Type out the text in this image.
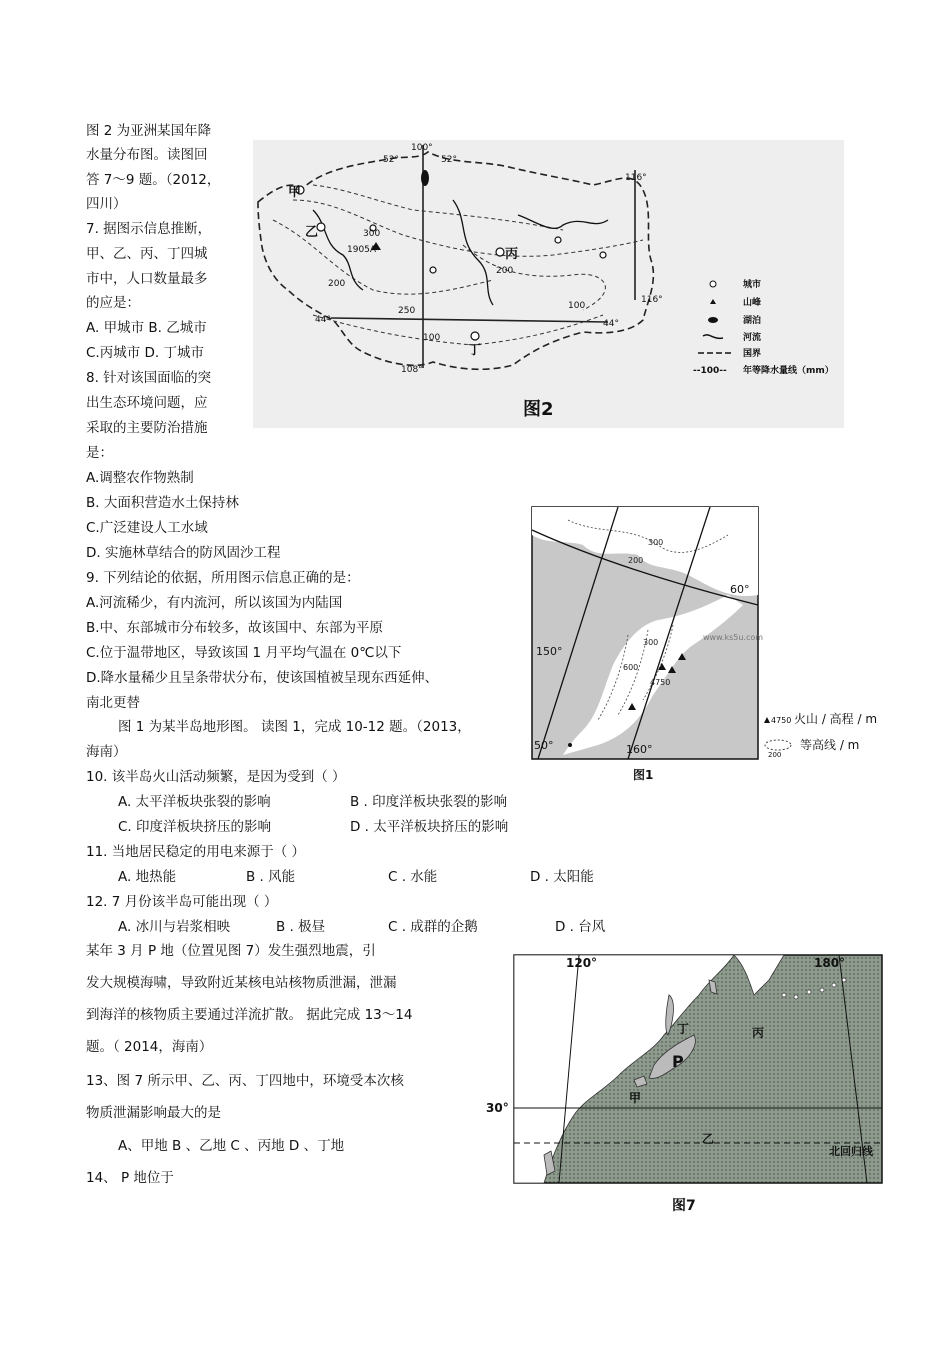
图 2 为亚洲某国年降
水量分布图。读图回
答 7～9 题。（2012，
四川）
7. 据图示信息推断，
甲、乙、丙、丁四城
市中，人口数量最多
的应是：
A. 甲城市 B. 乙城市
C.丙城市 D. 丁城市
8. 针对该国面临的突
出生态环境问题，应
采取的主要防治措施
是：
A.调整农作物熟制
B. 大面积营造水土保持林
C.广泛建设人工水域
D. 实施林草结合的防风固沙工程
9. 下列结论的依据，所用图示信息正确的是：
A.河流稀少，有内流河，所以该国为内陆国
B.中、东部城市分布较多，故该国中、东部为平原
C.位于温带地区，导致该国 1 月平均气温在 0℃以下
D.降水量稀少且呈条带状分布，使该国植被呈现东西延伸、
南北更替
100°
52°	52°
116°
116°
44°	44°
108°
300
200
100
200
250	100
1905A
甲
乙
丙
丁
城市
山峰
湖泊
河流
国界
--100-- 年等降水量线（mm）
图2
150°
60°
160°
50°
300
200
600
300
4750
www.ks5u.com
4750 火山 / 高程 / m
200
等高线 / m
图1
图 1 为某半岛地形图。 读图 1，完成 10-12 题。（2013，
海南）
10. 该半岛火山活动频繁，是因为受到（ ）
A. 太平洋板块张裂的影响	B . 印度洋板块张裂的影响
C. 印度洋板块挤压的影响	D . 太平洋板块挤压的影响
11. 当地居民稳定的用电来源于（ ）
A. 地热能	B . 风能	C . 水能	D . 太阳能
12. 7 月份该半岛可能出现（ ）
A. 冰川与岩浆相映	B . 极昼	C . 成群的企鹅	D . 台风
某年 3 月 P 地（位置见图 7）发生强烈地震，引
发大规模海啸，导致附近某核电站核物质泄漏，泄漏
到海洋的核物质主要通过洋流扩散。 据此完成 13～14
题。（ 2014，海南）
13、图 7 所示甲、乙、丙、丁四地中，环境受本次核
物质泄漏影响最大的是
A、甲地 B 、乙地 C 、丙地 D 、丁地
14、 P 地位于
120°	180°
30°
丁	丙
P
甲
乙
北回归线
图7
